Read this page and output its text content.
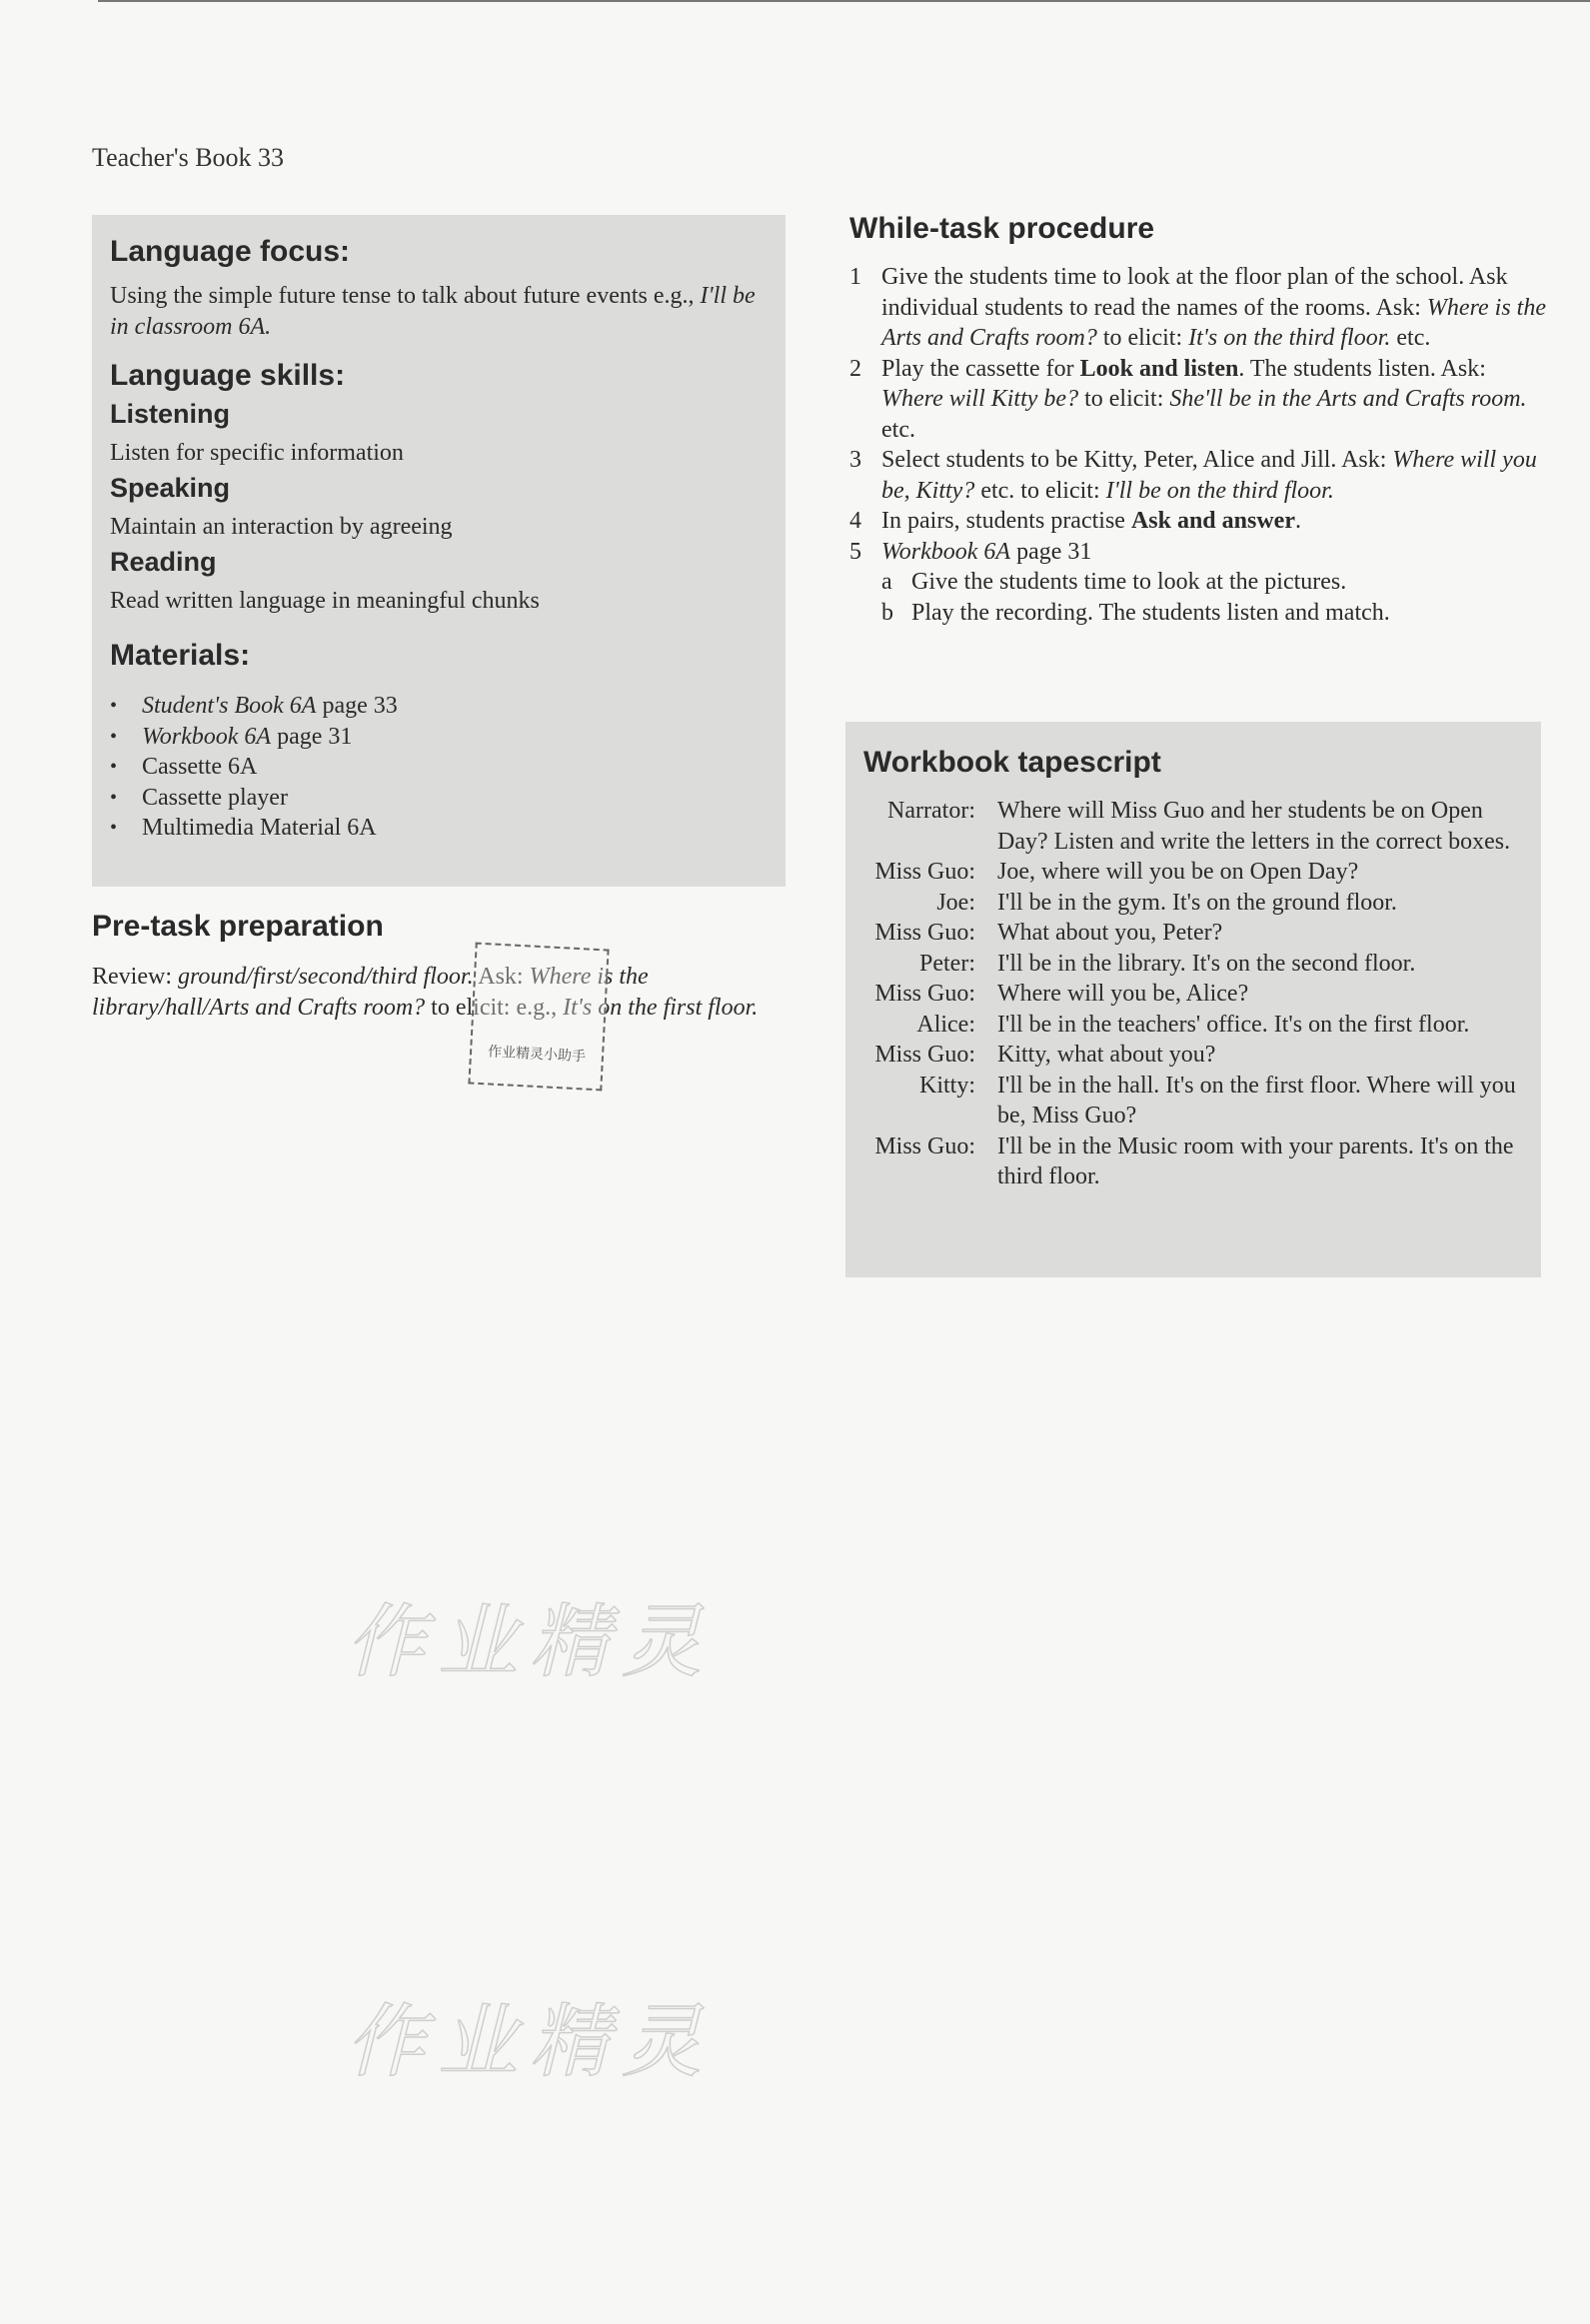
Teacher's Book 33
Language focus:

Using the simple future tense to talk about future events e.g., I'll be in classroom 6A.

Language skills:
Listening

Listen for specific information

Speaking

Maintain an interaction by agreeing

Reading

Read written language in meaningful chunks

Materials:
• Student's Book 6A page 33
• Workbook 6A page 31
• Cassette 6A
• Cassette player
• Multimedia Material 6A
Pre-task preparation

Review: ground/first/second/third floor. Ask: Where is the library/hall/Arts and Crafts room? to elicit: e.g., It's on the first floor.

作业精灵小助手
While-task procedure
1 Give the students time to look at the floor plan of the school. Ask individual students to read the names of the rooms. Ask: Where is the Arts and Crafts room? to elicit: It's on the third floor. etc.
2 Play the cassette for Look and listen. The students listen. Ask: Where will Kitty be? to elicit: She'll be in the Arts and Crafts room. etc.
3 Select students to be Kitty, Peter, Alice and Jill. Ask: Where will you be, Kitty? etc. to elicit: I'll be on the third floor.
4 In pairs, students practise Ask and answer.
5 Workbook 6A page 31
a Give the students time to look at the pictures.
b Play the recording. The students listen and match.
Workbook tapescript
Narrator: Where will Miss Guo and her students be on Open Day? Listen and write the letters in the correct boxes.
Miss Guo: Joe, where will you be on Open Day?
Joe: I'll be in the gym. It's on the ground floor.
Miss Guo: What about you, Peter?
Peter: I'll be in the library. It's on the second floor.
Miss Guo: Where will you be, Alice?
Alice: I'll be in the teachers' office. It's on the first floor.
Miss Guo: Kitty, what about you?
Kitty: I'll be in the hall. It's on the first floor. Where will you be, Miss Guo?
Miss Guo: I'll be in the Music room with your parents. It's on the third floor.
作业精灵
作业精灵
